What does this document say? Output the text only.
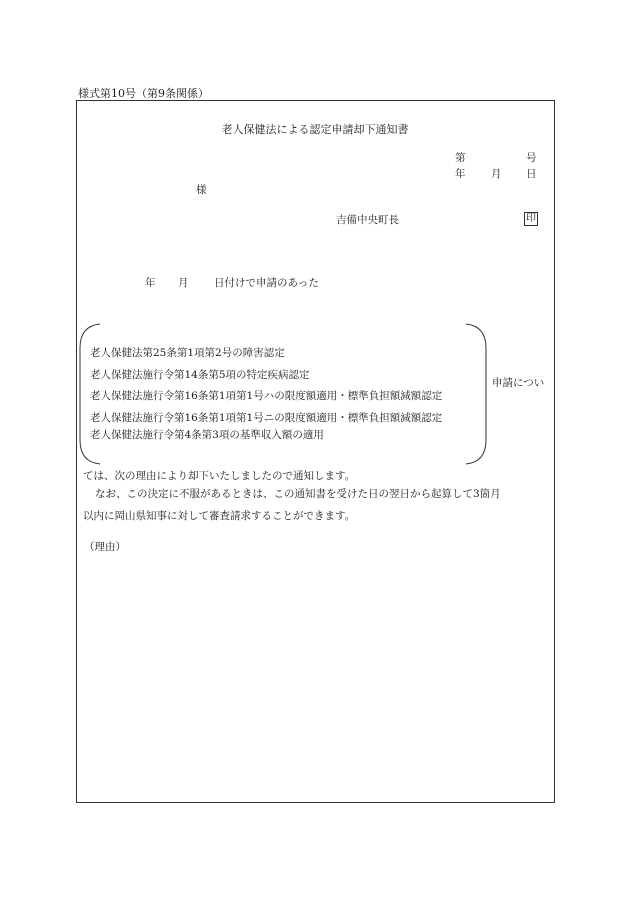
様式第10号（第9条関係）
老人保健法による認定申請却下通知書
第	号
年 月 日
様
吉備中央町長	印
年 月 日付けで申請のあった
老人保健法第25条第1項第2号の障害認定
老人保健法施行令第14条第5項の特定疾病認定
老人保健法施行令第16条第1項第1号ハの限度額適用・標準負担額減額認定
老人保健法施行令第16条第1項第1号ニの限度額適用・標準負担額減額認定
老人保健法施行令第4条第3項の基準収入額の適用
申請につい
ては、次の理由により却下いたしましたので通知します。
なお、この決定に不服があるときは、この通知書を受けた日の翌日から起算して3箇月
以内に岡山県知事に対して審査請求することができます。
（理由）
